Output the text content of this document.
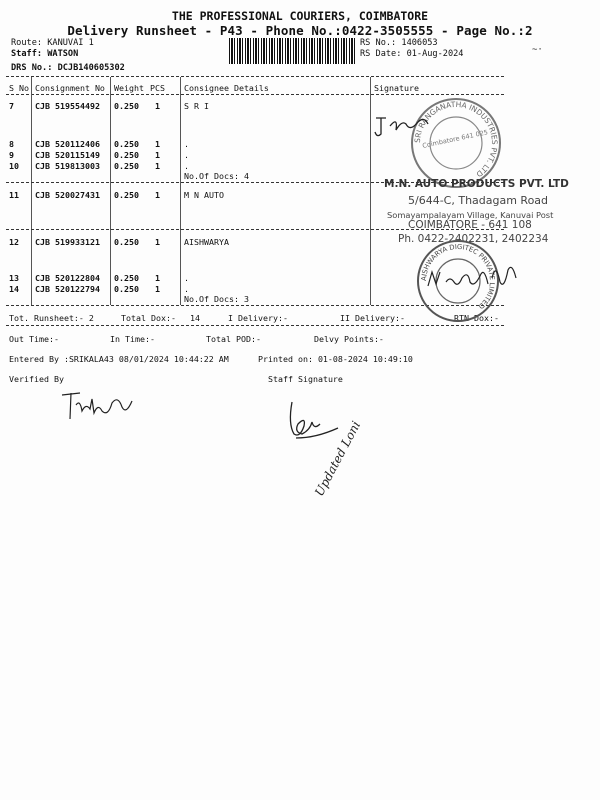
THE PROFESSIONAL COURIERS, COIMBATORE
Delivery Runsheet - P43 - Phone No.:0422-3505555 - Page No.:2
Route: KANUVAI 1
Staff: WATSON
DRS No.: DCJB140605302
RS No.: 1406053
RS Date: 01-Aug-2024	~·
S No Consignment No Weight PCS Consignee Details	Signature
7	CJB 519554492 0.250 1	S R I
8	CJB 520112406 0.250 1	.
9	CJB 520115149 0.250 1	.
10 CJB 519813003 0.250 1	.
No.Of Docs: 4
11 CJB 520027431 0.250 1	M N AUTO
12 CJB 519933121 0.250 1	AISHWARYA
13 CJB 520122804 0.250 1	.
14 CJB 520122794 0.250 1	.
No.Of Docs: 3
Tot. Runsheet:- 2	Total Dox:- 14	I Delivery:-	II Delivery:-	RTN Dox:-
Out Time:-	In Time:-	Total POD:-	Delvy Points:-
Entered By :SRIKALA43 08/01/2024 10:44:22 AM	Printed on: 01-08-2024 10:49:10
Verified By	Staff Signature
SRI RANGANATHA INDUSTRIES PVT. LTD
Coimbatore 641 025
M.N. AUTO PRODUCTS PVT. LTD
5/644-C, Thadagam Road
Somayampalayam Village, Kanuvai Post
COIMBATORE - 641 108
Ph. 0422-2402231, 2402234
AISHWARYA DIGITEC PRIVATE LIMITED
Updated Loni
